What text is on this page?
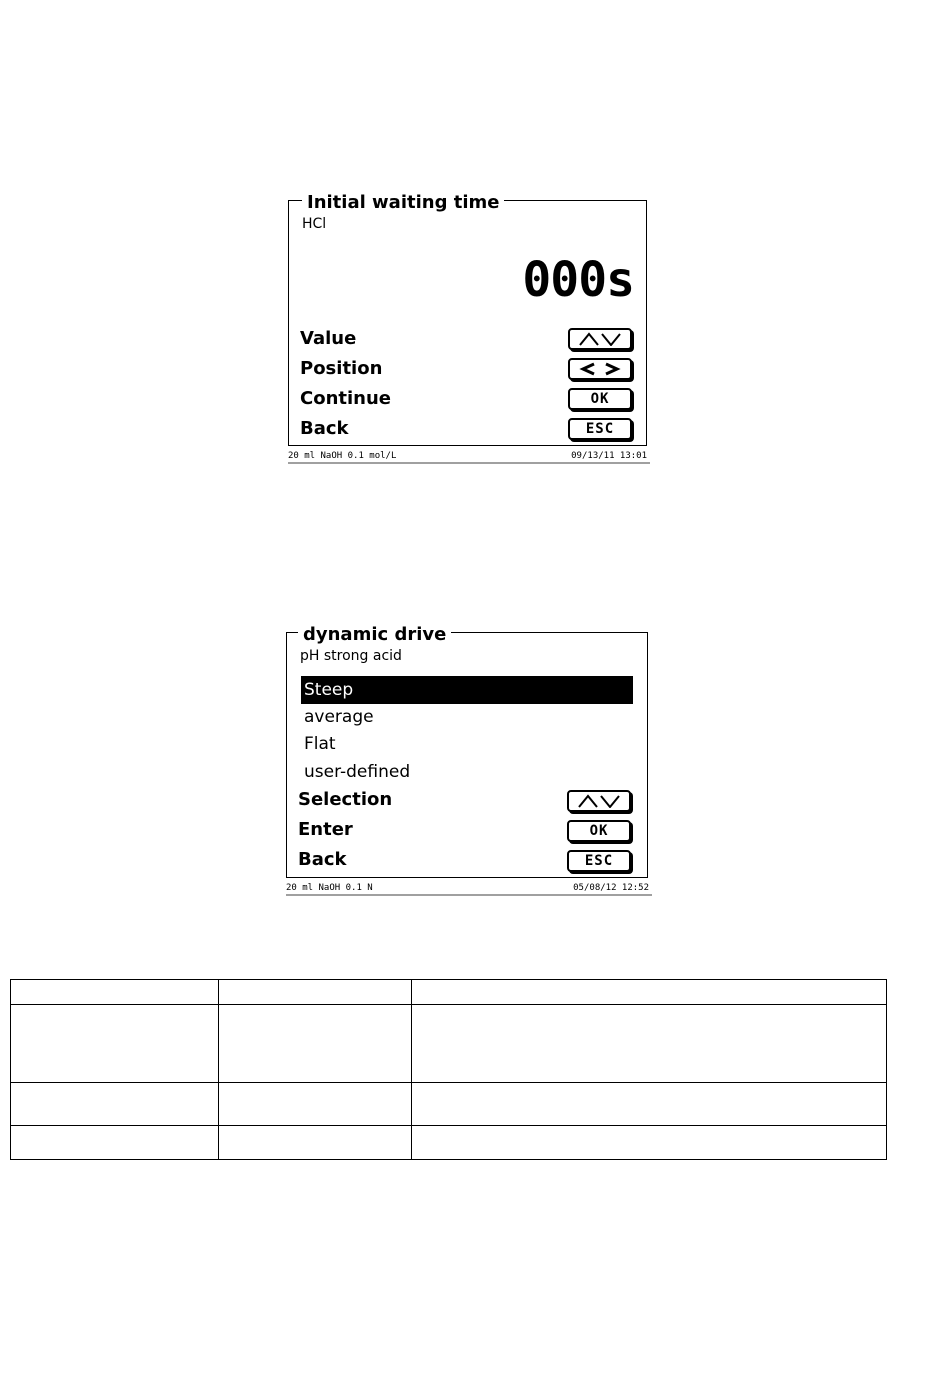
Initial waiting time
HCl
000s
Value
Position
Continue	OK
Back	ESC
20 ml NaOH 0.1 mol/L	09/13/11 13:01
dynamic drive
pH strong acid
Steep
average
Flat
user-defined
Selection
Enter	OK
Back	ESC
20 ml NaOH 0.1 N	05/08/12 12:52
